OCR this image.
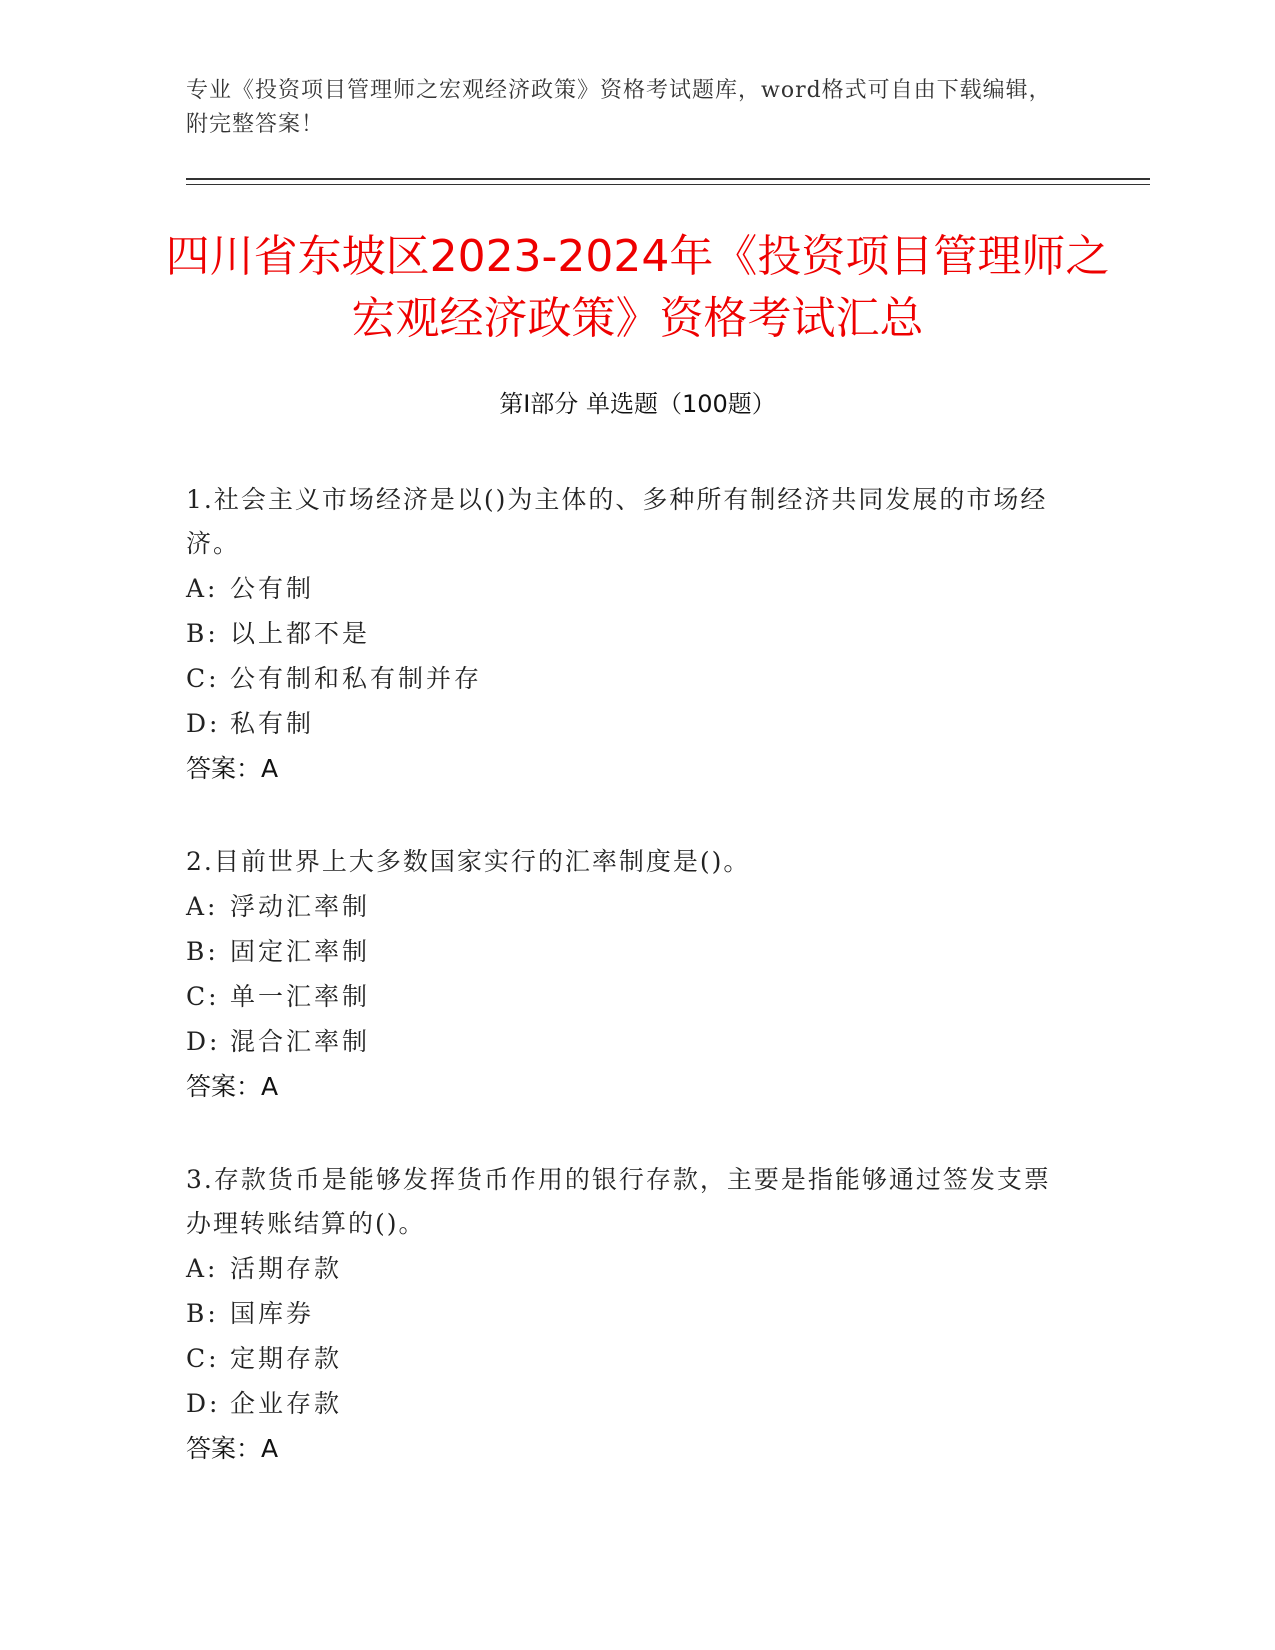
专业《投资项目管理师之宏观经济政策》资格考试题库，word格式可自由下载编辑，附完整答案！
四川省东坡区2023-2024年《投资项目管理师之宏观经济政策》资格考试汇总
第I部分 单选题（100题）
1.社会主义市场经济是以()为主体的、多种所有制经济共同发展的市场经济。
A: 公有制
B: 以上都不是
C: 公有制和私有制并存
D: 私有制
答案：A
2.目前世界上大多数国家实行的汇率制度是()。
A: 浮动汇率制
B: 固定汇率制
C: 单一汇率制
D: 混合汇率制
答案：A
3.存款货币是能够发挥货币作用的银行存款，主要是指能够通过签发支票办理转账结算的()。
A: 活期存款
B: 国库券
C: 定期存款
D: 企业存款
答案：A
